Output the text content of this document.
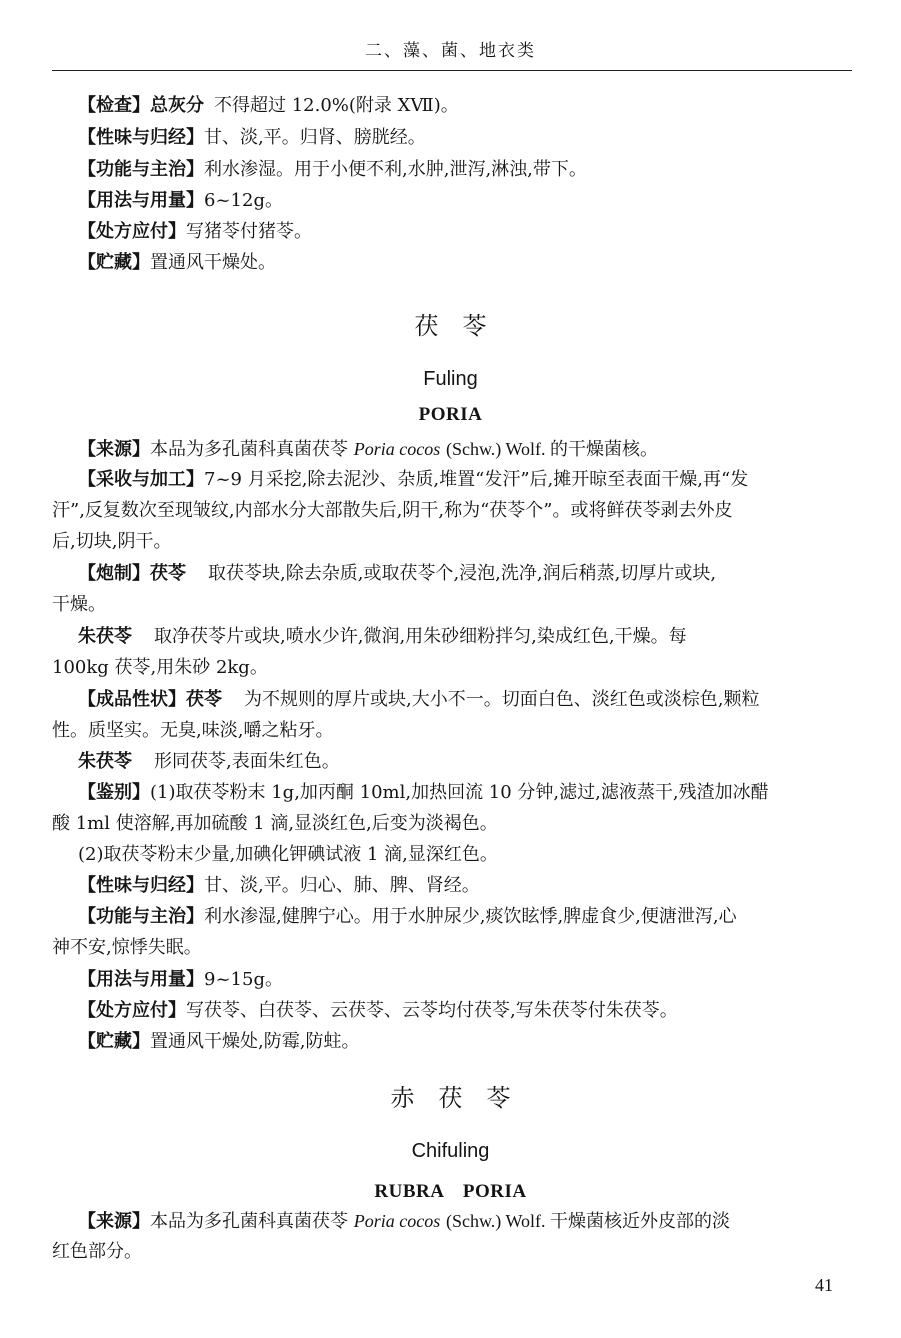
二、藻、菌、地衣类
【检查】总灰分 不得超过 12.0%(附录 XⅦ)。
【性味与归经】甘、淡,平。归肾、膀胱经。
【功能与主治】利水渗湿。用于小便不利,水肿,泄泻,淋浊,带下。
【用法与用量】6~12g。
【处方应付】写猪苓付猪苓。
【贮藏】置通风干燥处。
茯　苓
Fuling
PORIA
【来源】本品为多孔菌科真菌茯苓 Poria cocos (Schw.) Wolf. 的干燥菌核。
【采收与加工】7~9 月采挖,除去泥沙、杂质,堆置“发汗”后,摊开晾至表面干燥,再“发
汗”,反复数次至现皱纹,内部水分大部散失后,阴干,称为“茯苓个”。或将鲜茯苓剥去外皮
后,切块,阴干。
【炮制】茯苓 取茯苓块,除去杂质,或取茯苓个,浸泡,洗净,润后稍蒸,切厚片或块,
干燥。
朱茯苓 取净茯苓片或块,喷水少许,微润,用朱砂细粉拌匀,染成红色,干燥。每
100kg 茯苓,用朱砂 2kg。
【成品性状】茯苓 为不规则的厚片或块,大小不一。切面白色、淡红色或淡棕色,颗粒
性。质坚实。无臭,味淡,嚼之粘牙。
朱茯苓 形同茯苓,表面朱红色。
【鉴别】(1)取茯苓粉末 1g,加丙酮 10ml,加热回流 10 分钟,滤过,滤液蒸干,残渣加冰醋
酸 1ml 使溶解,再加硫酸 1 滴,显淡红色,后变为淡褐色。
(2)取茯苓粉末少量,加碘化钾碘试液 1 滴,显深红色。
【性味与归经】甘、淡,平。归心、肺、脾、肾经。
【功能与主治】利水渗湿,健脾宁心。用于水肿尿少,痰饮眩悸,脾虚食少,便溏泄泻,心
神不安,惊悸失眠。
【用法与用量】9~15g。
【处方应付】写茯苓、白茯苓、云茯苓、云苓均付茯苓,写朱茯苓付朱茯苓。
【贮藏】置通风干燥处,防霉,防蛀。
赤　茯　苓
Chifuling
RUBRA　PORIA
【来源】本品为多孔菌科真菌茯苓 Poria cocos (Schw.) Wolf. 干燥菌核近外皮部的淡
红色部分。
41
